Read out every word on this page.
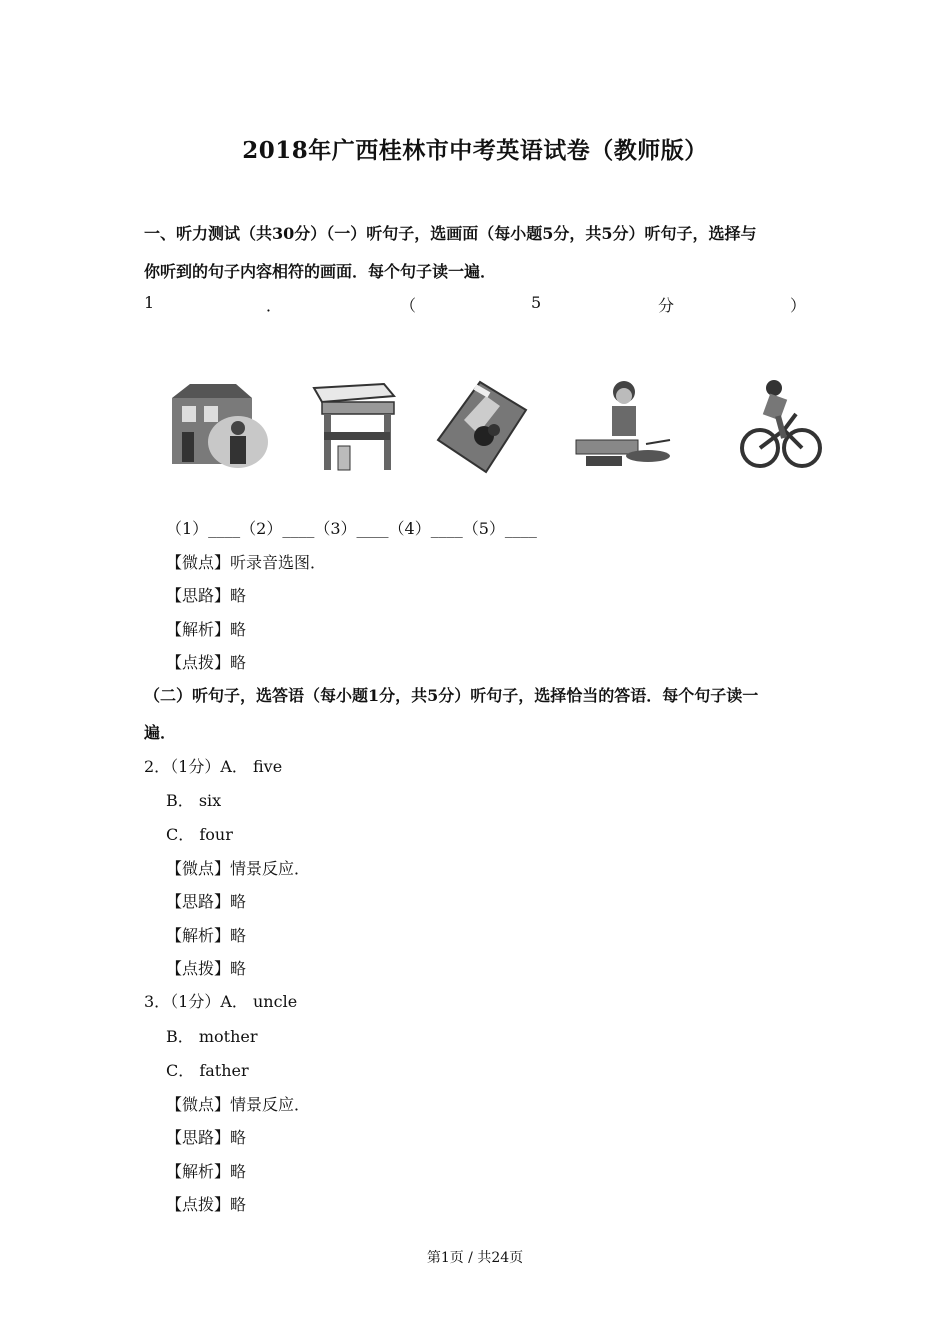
2018年广西桂林市中考英语试卷（教师版）
一、听力测试（共30分）（一）听句子，选画面（每小题5分，共5分）听句子，选择与
你听到的句子内容相符的画面．每个句子读一遍．
1	．	（	5	分	）
（1）____（2）____（3）____（4）____（5）____
【微点】听录音选图．
【思路】略
【解析】略
【点拨】略
（二）听句子，选答语（每小题1分，共5分）听句子，选择恰当的答语．每个句子读一
遍．
2．（1分）A． five
B． six
C． four
【微点】情景反应．
【思路】略
【解析】略
【点拨】略
3．（1分）A． uncle
B． mother
C． father
【微点】情景反应．
【思路】略
【解析】略
【点拨】略
第1页 / 共24页
